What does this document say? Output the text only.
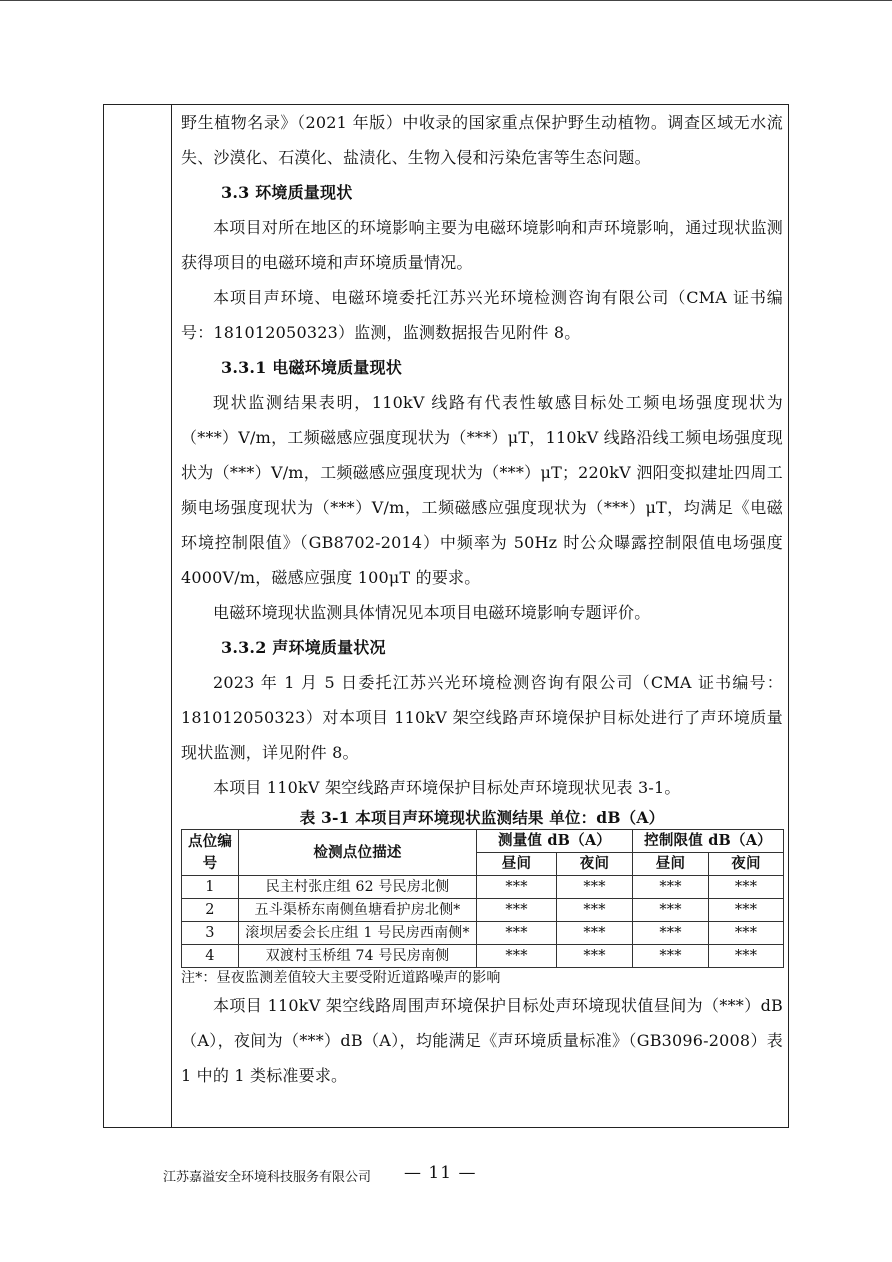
野生植物名录》（2021 年版）中收录的国家重点保护野生动植物。调查区域无水流失、沙漠化、石漠化、盐渍化、生物入侵和污染危害等生态问题。

3.3 环境质量现状

本项目对所在地区的环境影响主要为电磁环境影响和声环境影响，通过现状监测获得项目的电磁环境和声环境质量情况。

本项目声环境、电磁环境委托江苏兴光环境检测咨询有限公司（CMA 证书编号：181012050323）监测，监测数据报告见附件 8。

3.3.1 电磁环境质量现状

现状监测结果表明，110kV 线路有代表性敏感目标处工频电场强度现状为（***）V/m，工频磁感应强度现状为（***）μT，110kV 线路沿线工频电场强度现状为（***）V/m，工频磁感应强度现状为（***）μT；220kV 泗阳变拟建址四周工频电场强度现状为（***）V/m，工频磁感应强度现状为（***）μT，均满足《电磁环境控制限值》（GB8702-2014）中频率为 50Hz 时公众曝露控制限值电场强度 4000V/m，磁感应强度 100μT 的要求。

电磁环境现状监测具体情况见本项目电磁环境影响专题评价。

3.3.2 声环境质量状况

2023 年 1 月 5 日委托江苏兴光环境检测咨询有限公司（CMA 证书编号：181012050323）对本项目 110kV 架空线路声环境保护目标处进行了声环境质量现状监测，详见附件 8。

本项目 110kV 架空线路声环境保护目标处声环境现状见表 3-1。

表 3-1 本项目声环境现状监测结果 单位：dB（A）
点位编号	检测点位描述	测量值 dB（A）		控制限值 dB（A）	
		昼间	夜间	昼间	夜间
1	民主村张庄组 62 号民房北侧	***	***	***	***
2	五斗渠桥东南侧鱼塘看护房北侧*	***	***	***	***
3	滚坝居委会长庄组 1 号民房西南侧*	***	***	***	***
4	双渡村玉桥组 74 号民房南侧	***	***	***	***
注*：昼夜监测差值较大主要受附近道路噪声的影响

本项目 110kV 架空线路周围声环境保护目标处声环境现状值昼间为（***）dB（A），夜间为（***）dB（A），均能满足《声环境质量标准》（GB3096-2008）表 1 中的 1 类标准要求。

江苏嘉溢安全环境科技服务有限公司 — 11 —
